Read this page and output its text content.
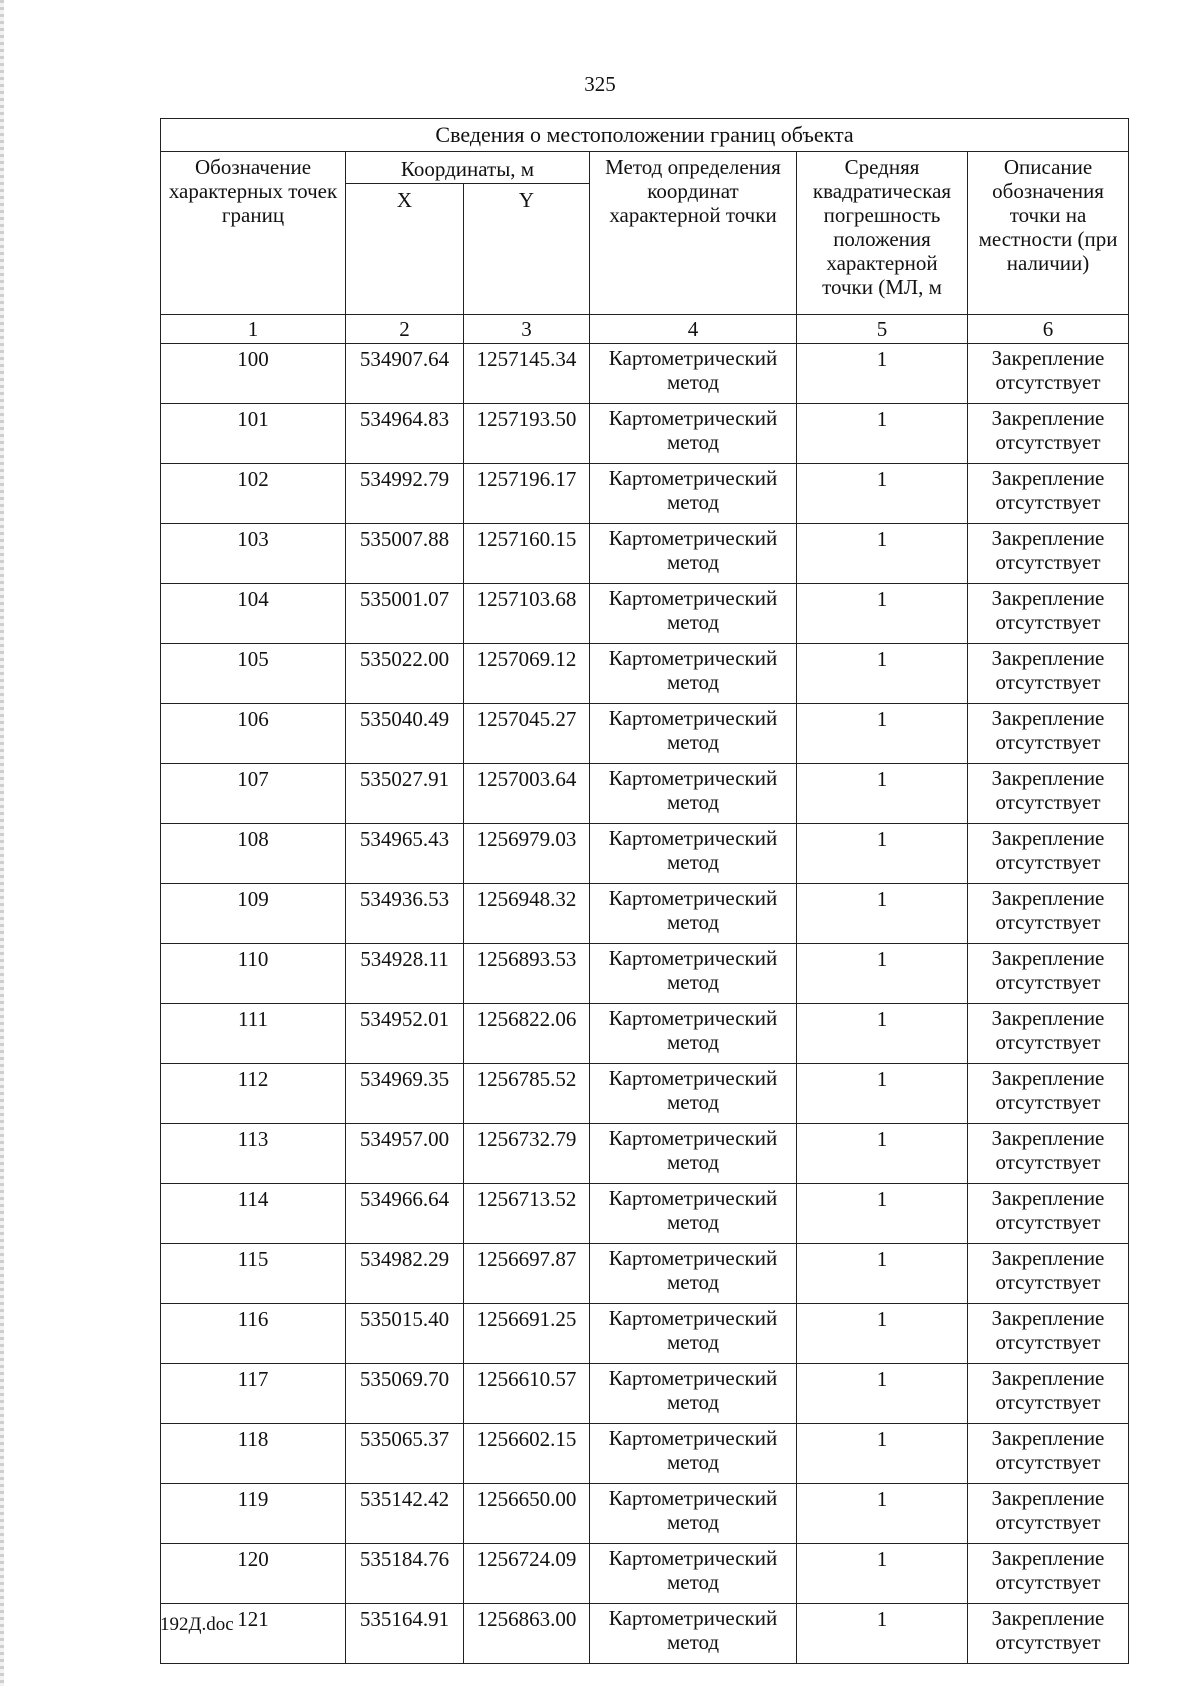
325
Сведения о местоположении границ объекта					
Обозначение характерных точек границ	Координаты, м		Метод определения координат характерной точки	Средняя квадратическая погрешность положения характерной точки (МЛ, м	Описание обозначения точки на местности (при наличии)
	X	Y			
1	2	3	4	5	6
100	534907.64	1257145.34	Картометрический метод	1	Закрепление отсутствует
101	534964.83	1257193.50	Картометрический метод	1	Закрепление отсутствует
102	534992.79	1257196.17	Картометрический метод	1	Закрепление отсутствует
103	535007.88	1257160.15	Картометрический метод	1	Закрепление отсутствует
104	535001.07	1257103.68	Картометрический метод	1	Закрепление отсутствует
105	535022.00	1257069.12	Картометрический метод	1	Закрепление отсутствует
106	535040.49	1257045.27	Картометрический метод	1	Закрепление отсутствует
107	535027.91	1257003.64	Картометрический метод	1	Закрепление отсутствует
108	534965.43	1256979.03	Картометрический метод	1	Закрепление отсутствует
109	534936.53	1256948.32	Картометрический метод	1	Закрепление отсутствует
110	534928.11	1256893.53	Картометрический метод	1	Закрепление отсутствует
111	534952.01	1256822.06	Картометрический метод	1	Закрепление отсутствует
112	534969.35	1256785.52	Картометрический метод	1	Закрепление отсутствует
113	534957.00	1256732.79	Картометрический метод	1	Закрепление отсутствует
114	534966.64	1256713.52	Картометрический метод	1	Закрепление отсутствует
115	534982.29	1256697.87	Картометрический метод	1	Закрепление отсутствует
116	535015.40	1256691.25	Картометрический метод	1	Закрепление отсутствует
117	535069.70	1256610.57	Картометрический метод	1	Закрепление отсутствует
118	535065.37	1256602.15	Картометрический метод	1	Закрепление отсутствует
119	535142.42	1256650.00	Картометрический метод	1	Закрепление отсутствует
120	535184.76	1256724.09	Картометрический метод	1	Закрепление отсутствует
121	535164.91	1256863.00	Картометрический метод	1	Закрепление отсутствует
192Д.doc
